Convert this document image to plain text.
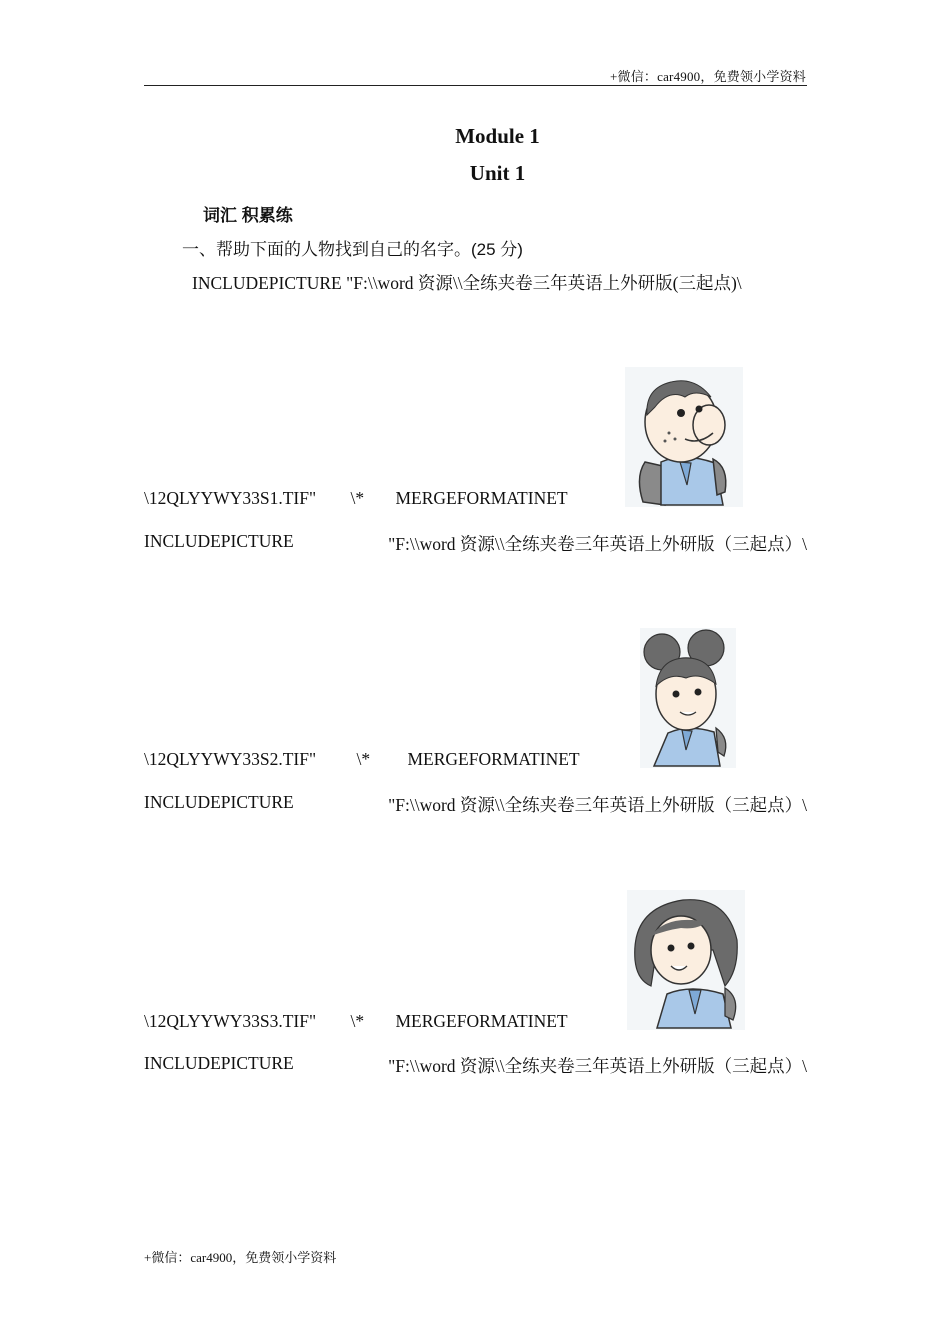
+微信：car4900，免费领小学资料
Module 1
Unit 1
词汇 积累练
一、帮助下面的人物找到自己的名字。(25 分)
INCLUDEPICTURE "F:\\word 资源\\全练夹卷三年英语上外研版(三起点)\
\12QLYYWY33S1.TIF" \* MERGEFORMATINET
INCLUDEPICTURE	"F:\\word 资源\\全练夹卷三年英语上外研版（三起点）\
\12QLYYWY33S2.TIF" \* MERGEFORMATINET
INCLUDEPICTURE	"F:\\word 资源\\全练夹卷三年英语上外研版（三起点）\
\12QLYYWY33S3.TIF" \* MERGEFORMATINET
INCLUDEPICTURE	"F:\\word 资源\\全练夹卷三年英语上外研版（三起点）\
+微信：car4900，免费领小学资料
